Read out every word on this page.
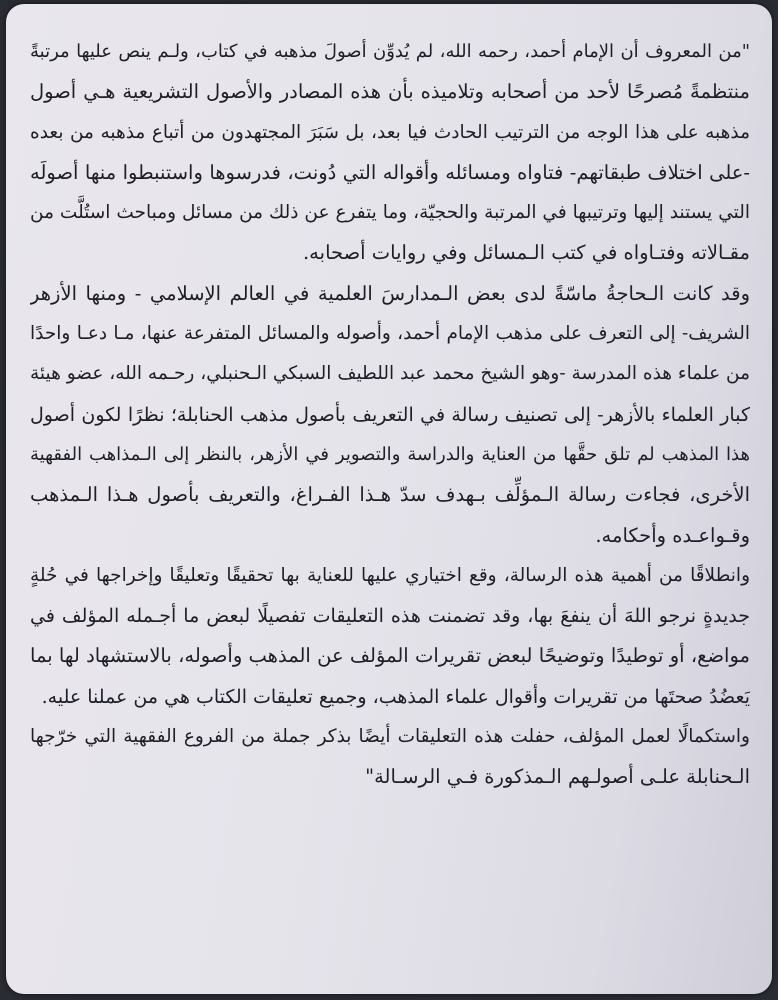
"من المعروف أن الإمام أحمد، رحمه الله، لم يُدوِّن أصولَ مذهبه في كتاب، ولـم ينص عليها مرتبةً
منتظمةً مُصرحًا لأحد من أصحابه وتلاميذه بأن هذه المصادر والأصول التشريعية هـي أصول
مذهبه على هذا الوجه من الترتيب الحادث فيا بعد، بل سَبَرَ المجتهدون من أتباع مذهبه من بعده
-على اختلاف طبقاتهم- فتاواه ومسائله وأقواله التي دُونت، فدرسوها واستنبطوا منها أصولَه
التي يستند إليها وترتيبها في المرتبة والحجيّة، وما يتفرع عن ذلك من مسائل ومباحث استُلَّت من
مقـالاته وفتـاواه في كتب الـمسائل وفي روايات أصحابه.
وقد كانت الـحاجةُ ماسّةً لدى بعض الـمدارسَ العلمية في العالم الإسلامي - ومنها الأزهر
الشريف- إلى التعرف على مذهب الإمام أحمد، وأصوله والمسائل المتفرعة عنها، مـا دعـا واحدًا
من علماء هذه المدرسة -وهو الشيخ محمد عبد اللطيف السبكي الـحنبلي، رحـمه الله، عضو هيئة
كبار العلماء بالأزهر- إلى تصنيف رسالة في التعريف بأصول مذهب الحنابلة؛ نظرًا لكون أصول
هذا المذهب لم تلق حقَّها من العناية والدراسة والتصوير في الأزهر، بالنظر إلى الـمذاهب الفقهية
الأخرى، فجاءت رسالة الـمؤلِّف بـهدف سدّ هـذا الفـراغ، والتعريف بأصول هـذا الـمذهب
وقـواعـده وأحكامه.
وانطلاقًا من أهمية هذه الرسالة، وقع اختياري عليها للعناية بها تحقيقًا وتعليقًا وإخراجها في حُلةٍ
جديدةٍ نرجو اللهَ أن ينفعَ بها، وقد تضمنت هذه التعليقات تفصيلًا لبعض ما أجـمله المؤلف في
مواضع، أو توطيدًا وتوضيحًا لبعض تقريرات المؤلف عن المذهب وأصوله، بالاستشهاد لها بما
يَعضُدُ صحتَها من تقريرات وأقوال علماء المذهب، وجميع تعليقات الكتاب هي من عملنا عليه.
واستكمالًا لعمل المؤلف، حفلت هذه التعليقات أيضًا بذكر جملة من الفروع الفقهية التي خرّجها
الـحنابلة علـى أصولـهم الـمذكورة فـي الرسـالة"
